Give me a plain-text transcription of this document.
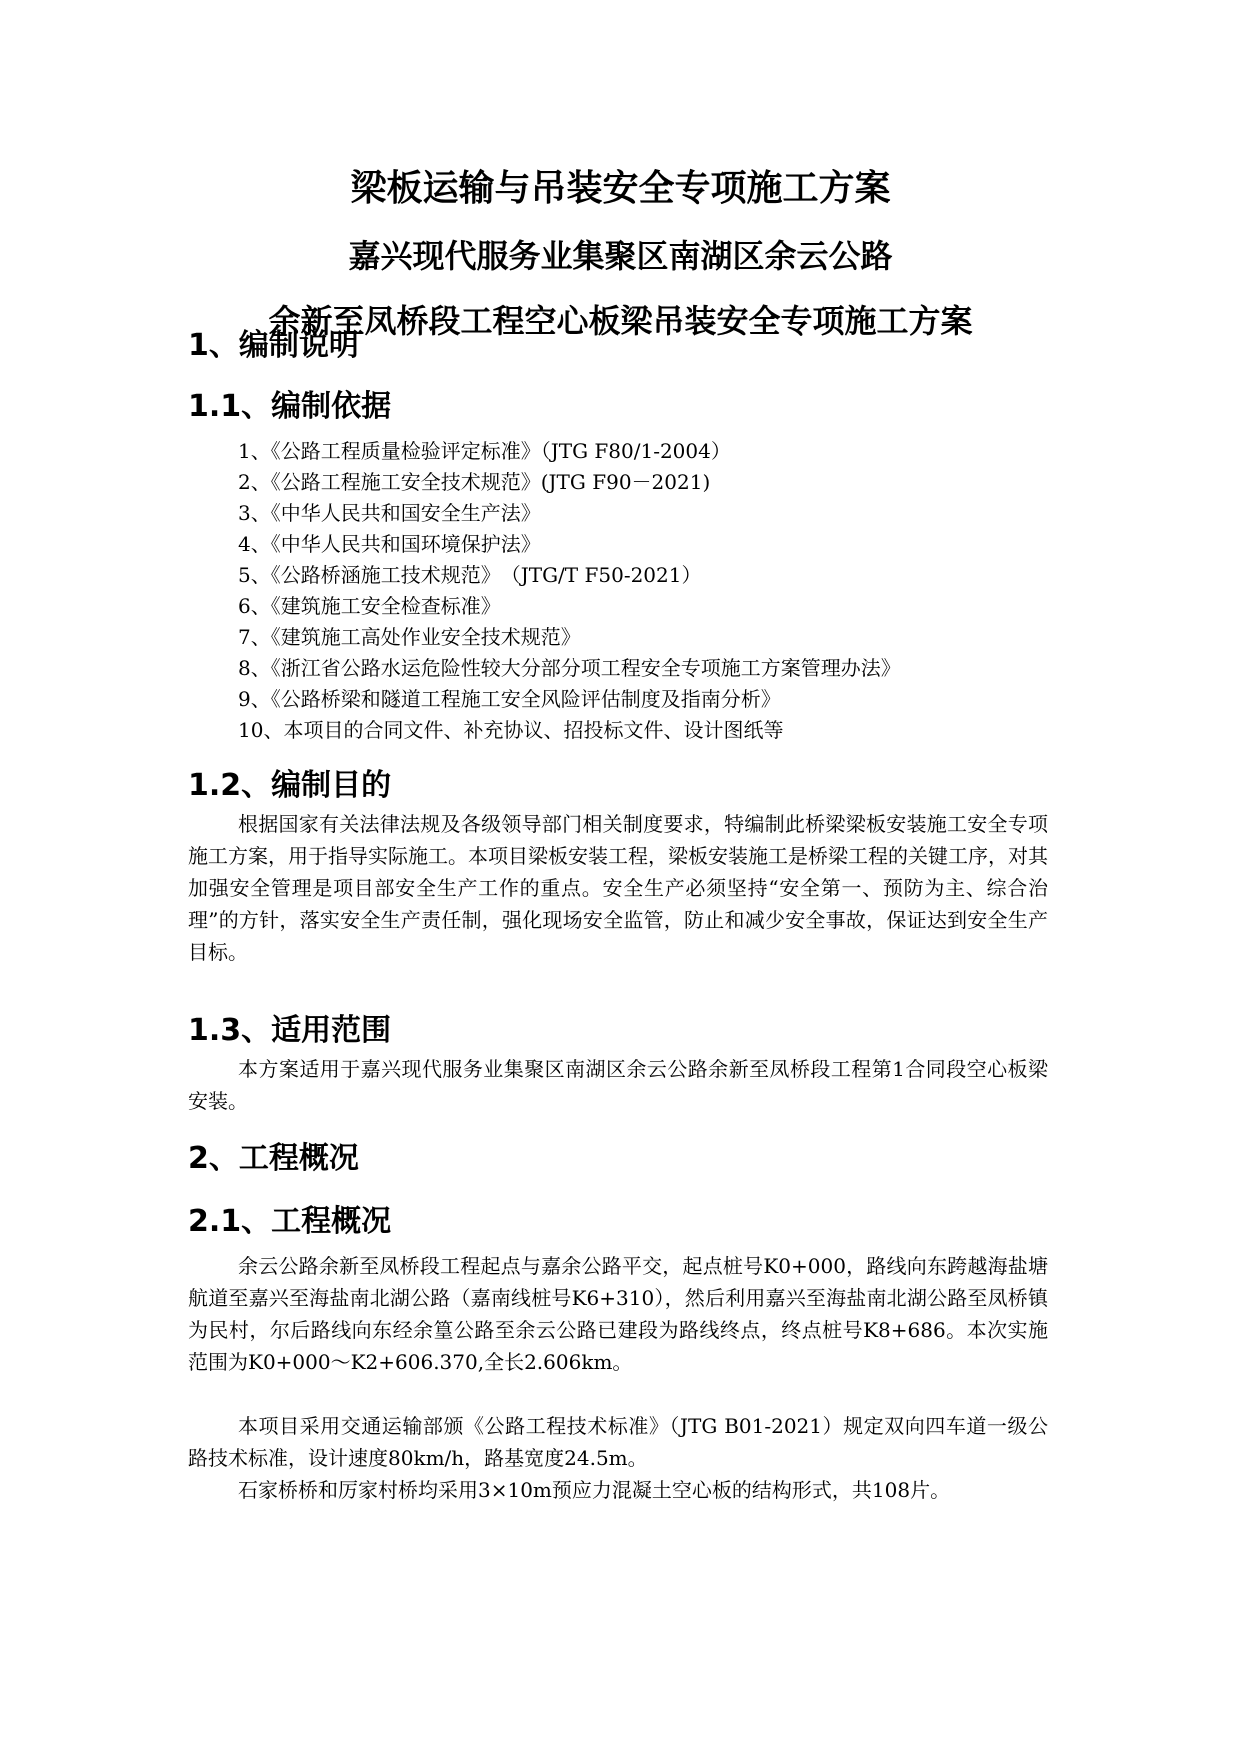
梁板运输与吊装安全专项施工方案
嘉兴现代服务业集聚区南湖区余云公路
余新至凤桥段工程空心板梁吊装安全专项施工方案
1、编制说明
1.1、编制依据
1、《公路工程质量检验评定标准》（JTG F80/1-2004）
2、《公路工程施工安全技术规范》(JTG F90－2021)
3、《中华人民共和国安全生产法》
4、《中华人民共和国环境保护法》
5、《公路桥涵施工技术规范》　（JTG/T F50-2021）
6、《建筑施工安全检查标准》
7、《建筑施工高处作业安全技术规范》
8、《浙江省公路水运危险性较大分部分项工程安全专项施工方案管理办法》
9、《公路桥梁和隧道工程施工安全风险评估制度及指南分析》
10、本项目的合同文件、补充协议、招投标文件、设计图纸等
1.2、编制目的
根据国家有关法律法规及各级领导部门相关制度要求，特编制此桥梁梁板安装施工安全专项施工方案，用于指导实际施工。本项目梁板安装工程，梁板安装施工是桥梁工程的关键工序，对其加强安全管理是项目部安全生产工作的重点。安全生产必须坚持“安全第一、预防为主、综合治理”的方针，落实安全生产责任制，强化现场安全监管，防止和减少安全事故，保证达到安全生产目标。
1.3、适用范围
本方案适用于嘉兴现代服务业集聚区南湖区余云公路余新至凤桥段工程第1合同段空心板梁安装。
2、工程概况
2.1、工程概况
余云公路余新至凤桥段工程起点与嘉余公路平交，起点桩号K0+000，路线向东跨越海盐塘航道至嘉兴至海盐南北湖公路（嘉南线桩号K6+310），然后利用嘉兴至海盐南北湖公路至凤桥镇为民村，尔后路线向东经余篁公路至余云公路已建段为路线终点，终点桩号K8+686。本次实施范围为K0+000～K2+606.370,全长2.606km。
本项目采用交通运输部颁《公路工程技术标准》（JTG B01-2021）规定双向四车道一级公路技术标准，设计速度80km/h，路基宽度24.5m。
石家桥桥和厉家村桥均采用3×10m预应力混凝土空心板的结构形式，共108片。
